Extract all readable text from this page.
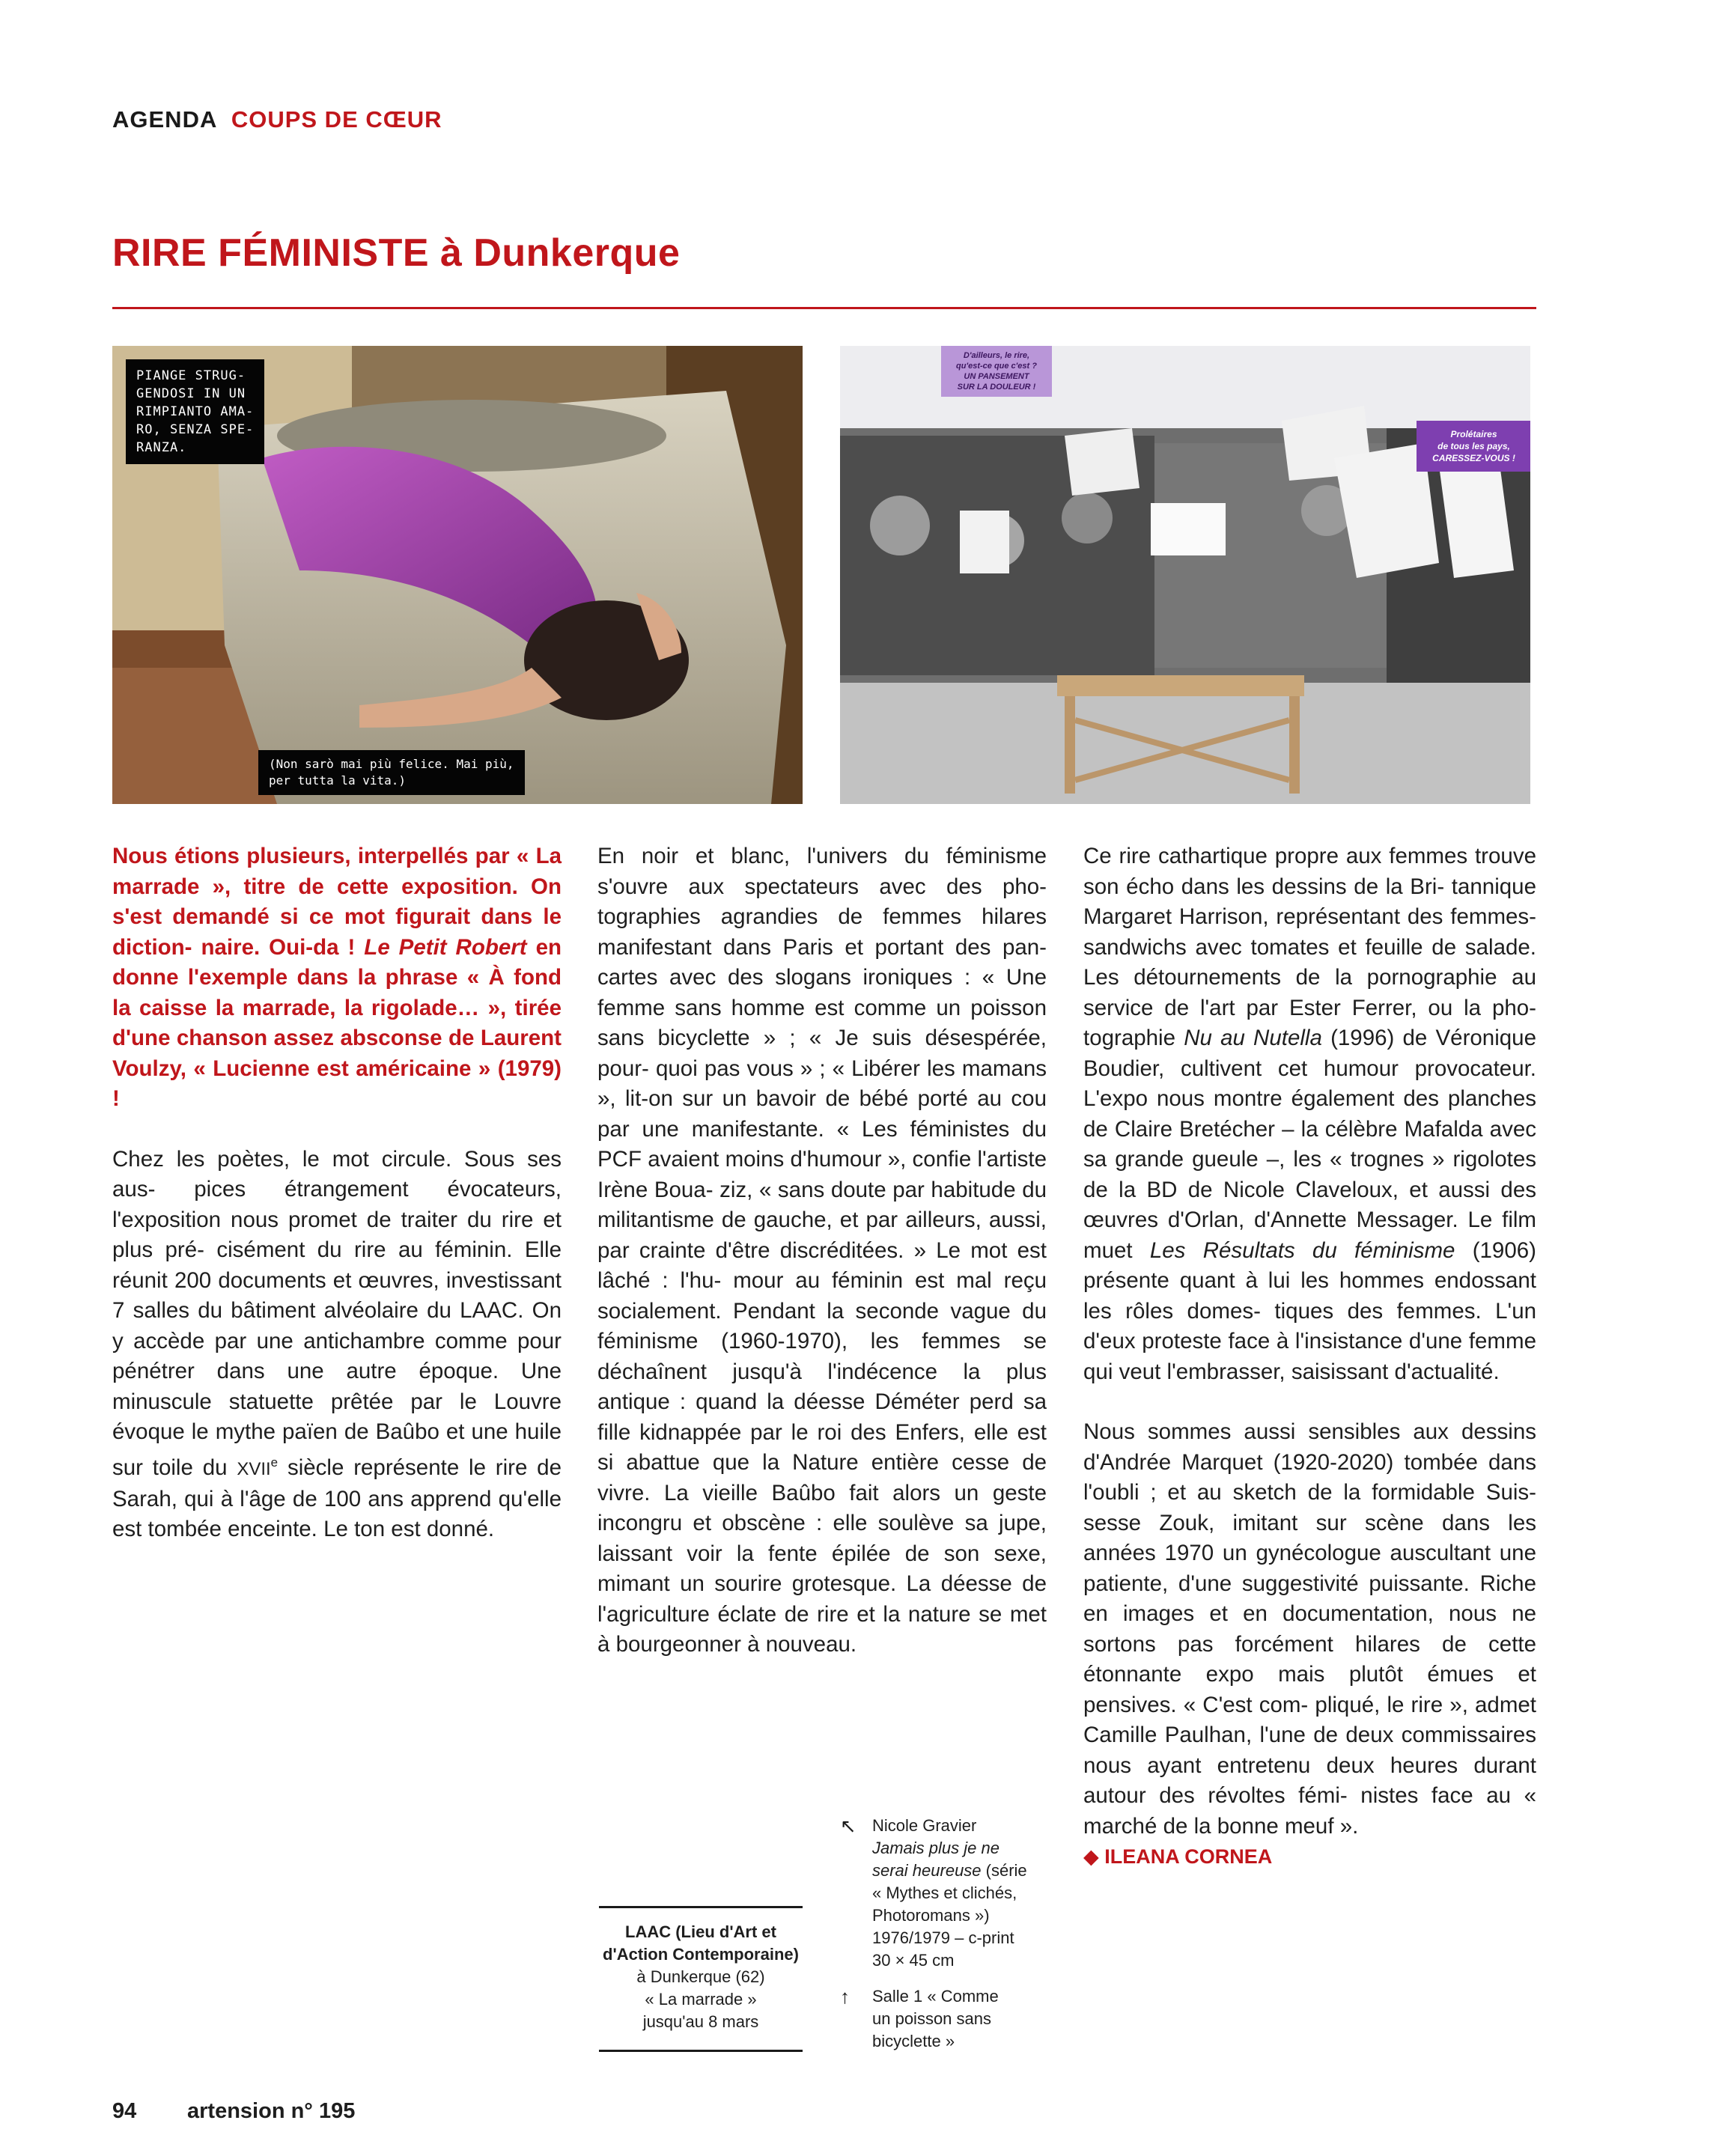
AGENDA COUPS DE CŒUR
RIRE FÉMINISTE à Dunkerque
PIANGE STRUG-
GENDOSI IN UN
RIMPIANTO AMA-
RO, SENZA SPE-
RANZA.
(Non sarò mai più felice. Mai più,
per tutta la vita.)
D'ailleurs, le rire,
qu'est-ce que c'est ?
UN PANSEMENT
SUR LA DOULEUR !
Prolétaires
de tous les pays,
CARESSEZ-VOUS !

Nous étions plusieurs, interpellés par « La marrade », titre de cette exposition. On s'est demandé si ce mot figurait dans le diction- naire. Oui-da ! Le Petit Robert en donne l'exemple dans la phrase « À fond la caisse la marrade, la rigolade… », tirée d'une chanson assez absconse de Laurent Voulzy, « Lucienne est américaine » (1979) !

Chez les poètes, le mot circule. Sous ses aus- pices étrangement évocateurs, l'exposition nous promet de traiter du rire et plus pré- cisément du rire au féminin. Elle réunit 200 documents et œuvres, investissant 7 salles du bâtiment alvéolaire du LAAC. On y accède par une antichambre comme pour pénétrer dans une autre époque. Une minuscule statuette prêtée par le Louvre évoque le mythe païen de Baûbo et une huile sur toile du XVIIe siècle représente le rire de Sarah, qui à l'âge de 100 ans apprend qu'elle est tombée enceinte. Le ton est donné.

En noir et blanc, l'univers du féminisme s'ouvre aux spectateurs avec des pho- tographies agrandies de femmes hilares manifestant dans Paris et portant des pan- cartes avec des slogans ironiques : « Une femme sans homme est comme un poisson sans bicyclette » ; « Je suis désespérée, pour- quoi pas vous » ; « Libérer les mamans », lit-on sur un bavoir de bébé porté au cou par une manifestante. « Les féministes du PCF avaient moins d'humour », confie l'artiste Irène Boua- ziz, « sans doute par habitude du militantisme de gauche, et par ailleurs, aussi, par crainte d'être discréditées. » Le mot est lâché : l'hu- mour au féminin est mal reçu socialement. Pendant la seconde vague du féminisme (1960-1970), les femmes se déchaînent jusqu'à l'indécence la plus antique : quand la déesse Déméter perd sa fille kidnappée par le roi des Enfers, elle est si abattue que la Nature entière cesse de vivre. La vieille Baûbo fait alors un geste incongru et obscène : elle soulève sa jupe, laissant voir la fente épilée de son sexe, mimant un sourire grotesque. La déesse de l'agriculture éclate de rire et la nature se met à bourgeonner à nouveau.

Ce rire cathartique propre aux femmes trouve son écho dans les dessins de la Bri- tannique Margaret Harrison, représentant des femmes-sandwichs avec tomates et feuille de salade. Les détournements de la pornographie au service de l'art par Ester Ferrer, ou la pho- tographie Nu au Nutella (1996) de Véronique Boudier, cultivent cet humour provocateur. L'expo nous montre également des planches de Claire Bretécher – la célèbre Mafalda avec sa grande gueule –, les « trognes » rigolotes de la BD de Nicole Claveloux, et aussi des œuvres d'Orlan, d'Annette Messager. Le film muet Les Résultats du féminisme (1906) présente quant à lui les hommes endossant les rôles domes- tiques des femmes. L'un d'eux proteste face à l'insistance d'une femme qui veut l'embrasser, saisissant d'actualité.

Nous sommes aussi sensibles aux dessins d'Andrée Marquet (1920-2020) tombée dans l'oubli ; et au sketch de la formidable Suis- sesse Zouk, imitant sur scène dans les années 1970 un gynécologue auscultant une patiente, d'une suggestivité puissante. Riche en images et en documentation, nous ne sortons pas forcément hilares de cette étonnante expo mais plutôt émues et pensives. « C'est com- pliqué, le rire », admet Camille Paulhan, l'une de deux commissaires nous ayant entretenu deux heures durant autour des révoltes fémi- nistes face au « marché de la bonne meuf ».

◆ ILEANA CORNEA

LAAC (Lieu d'Art et
d'Action Contemporaine)
à Dunkerque (62)
« La marrade »
jusqu'au 8 mars
↖ Nicole Gravier
Jamais plus je ne
serai heureuse (série
« Mythes et clichés,
Photoromans »)
1976/1979 – c-print
30 × 45 cm
↑ Salle 1 « Comme
un poisson sans
bicyclette »
94 artension n° 195
